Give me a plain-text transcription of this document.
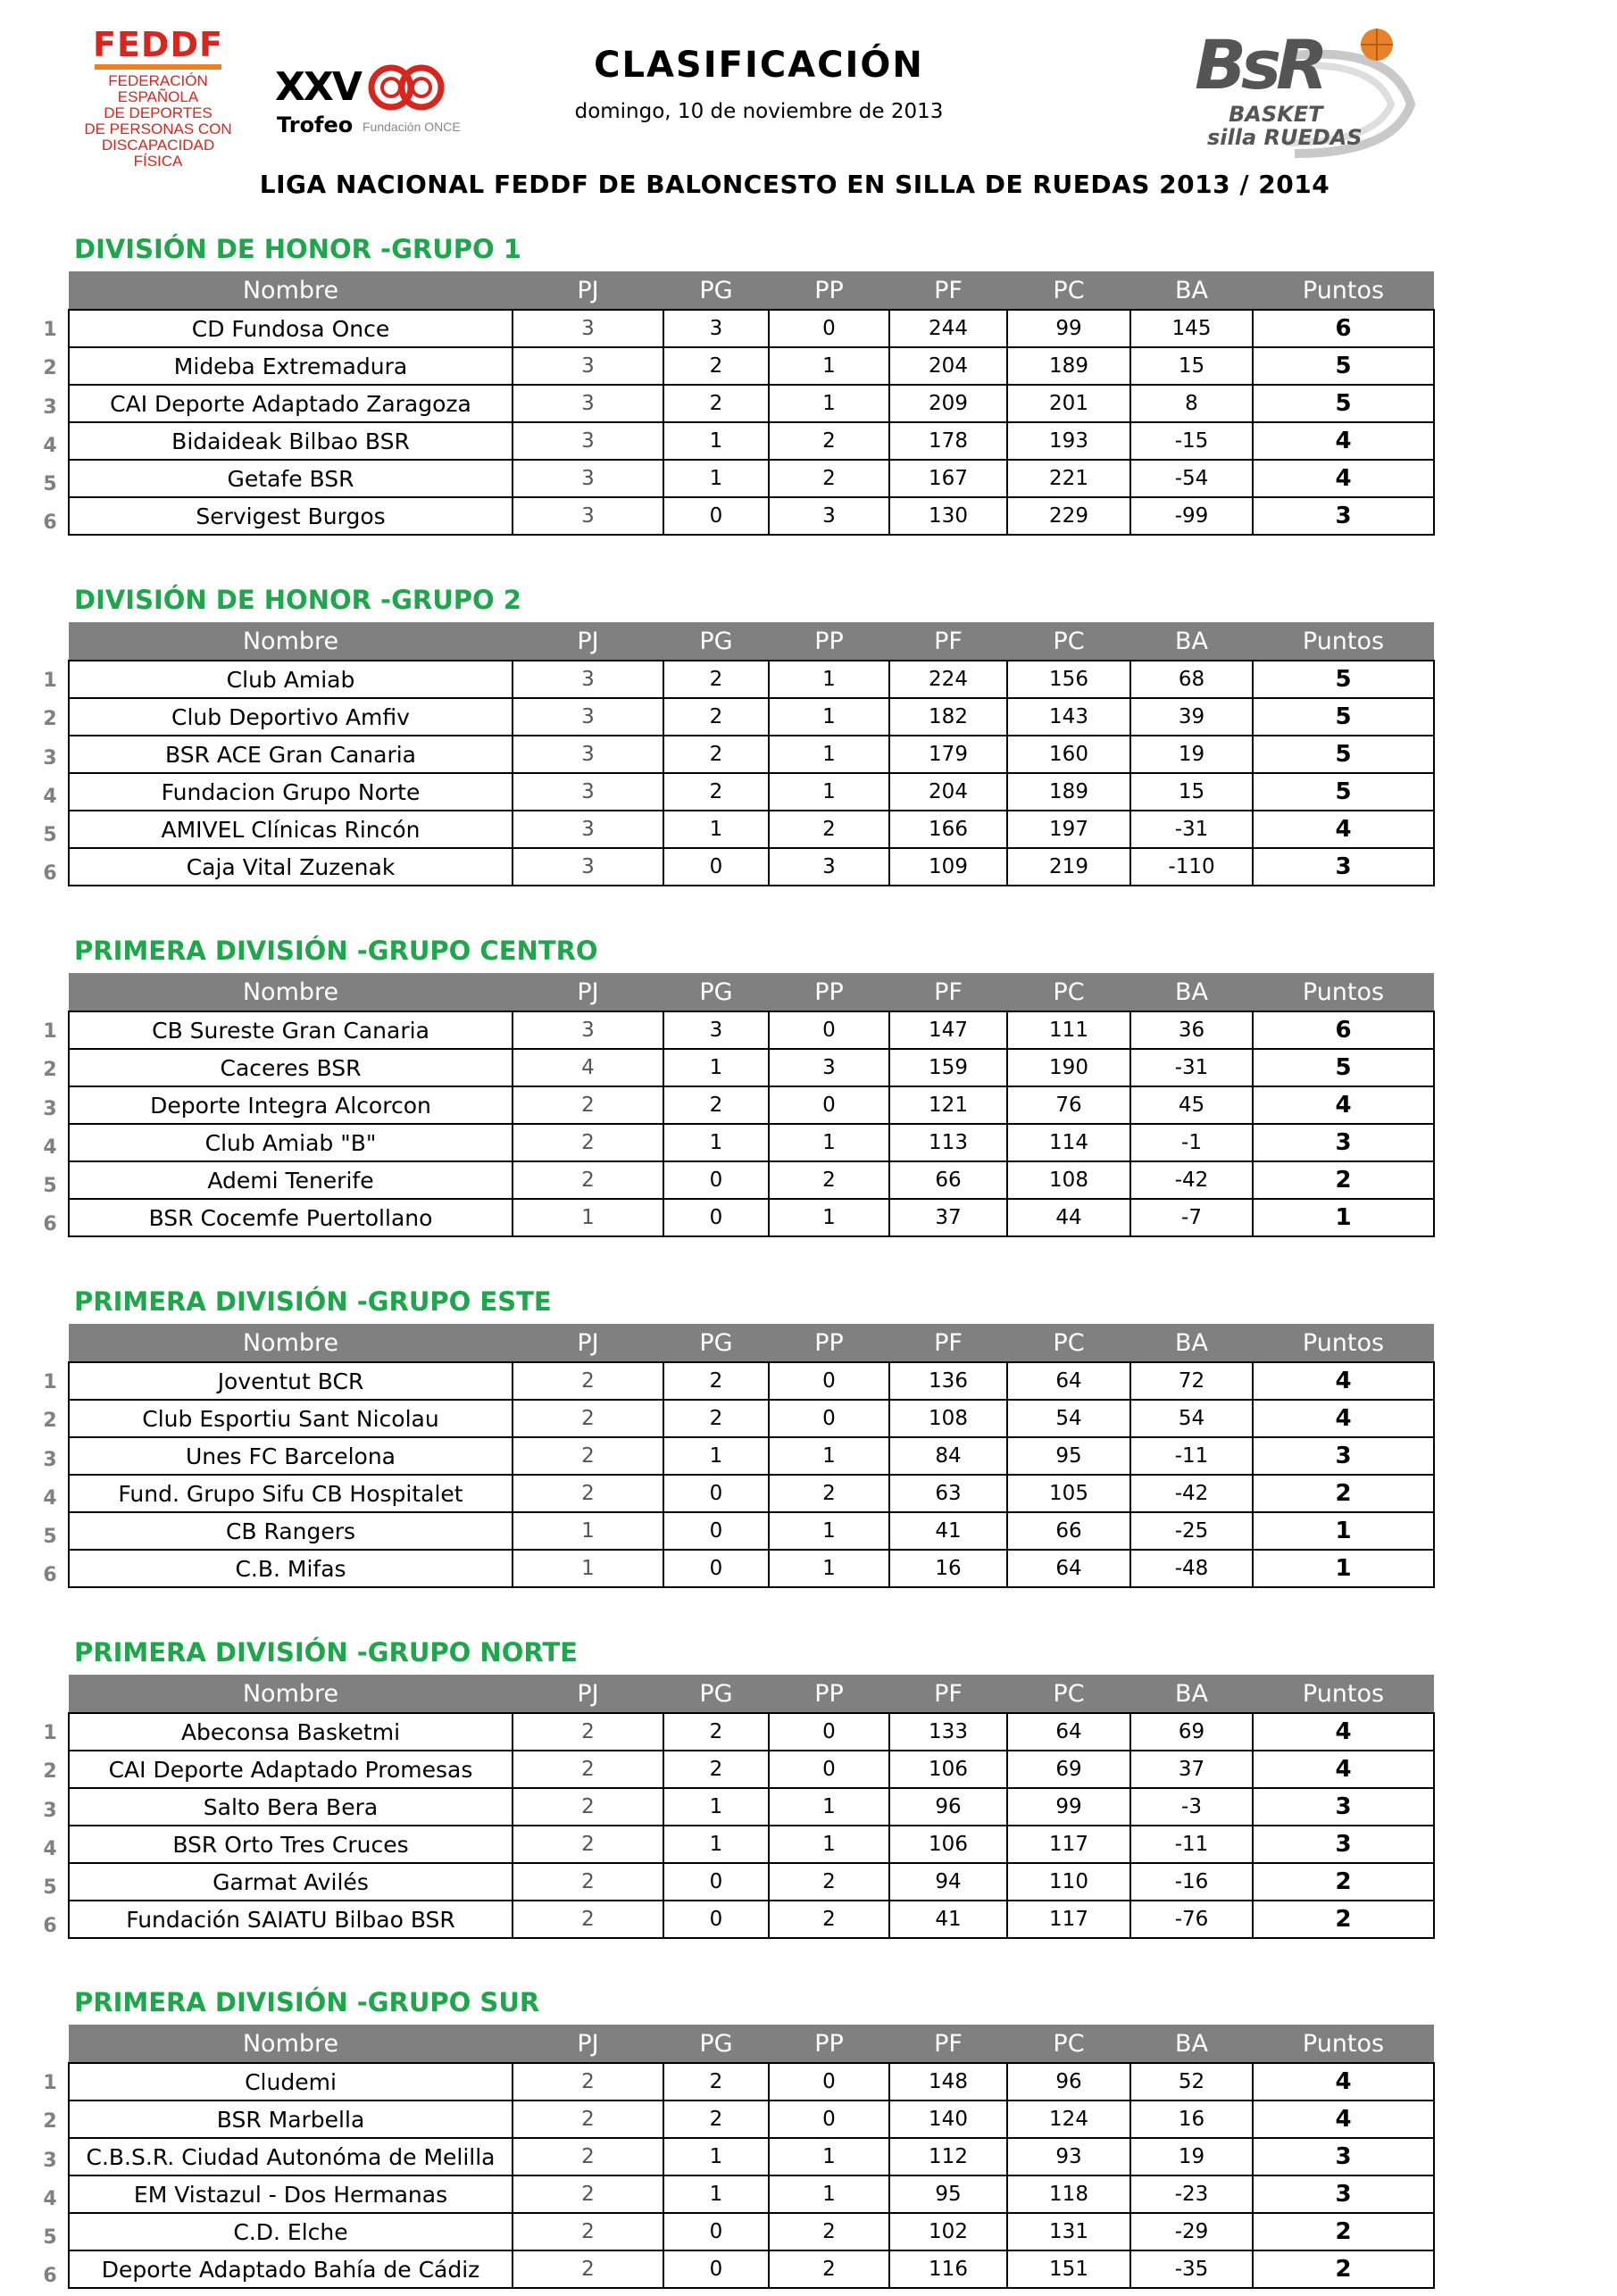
FEDDF
FEDERACIÓN
ESPAÑOLA
DE DEPORTES
DE PERSONAS CON
DISCAPACIDAD
FÍSICA
XXV
Trofeo Fundación ONCE
CLASIFICACIÓN
domingo, 10 de noviembre de 2013
BsR
BASKET
silla RUEDAS
LIGA NACIONAL FEDDF DE BALONCESTO EN SILLA DE RUEDAS 2013 / 2014
DIVISIÓN DE HONOR -GRUPO 1
1
2
3
4
5
6
Nombre	PJ	PG	PP	PF	PC	BA	Puntos
CD Fundosa Once	3	3	0	244	99	145	6
Mideba Extremadura	3	2	1	204	189	15	5
CAI Deporte Adaptado Zaragoza	3	2	1	209	201	8	5
Bidaideak Bilbao BSR	3	1	2	178	193	-15	4
Getafe BSR	3	1	2	167	221	-54	4
Servigest Burgos	3	0	3	130	229	-99	3
DIVISIÓN DE HONOR -GRUPO 2
1
2
3
4
5
6
Nombre	PJ	PG	PP	PF	PC	BA	Puntos
Club Amiab	3	2	1	224	156	68	5
Club Deportivo Amfiv	3	2	1	182	143	39	5
BSR ACE Gran Canaria	3	2	1	179	160	19	5
Fundacion Grupo Norte	3	2	1	204	189	15	5
AMIVEL Clínicas Rincón	3	1	2	166	197	-31	4
Caja Vital Zuzenak	3	0	3	109	219	-110	3
PRIMERA DIVISIÓN -GRUPO CENTRO
1
2
3
4
5
6
Nombre	PJ	PG	PP	PF	PC	BA	Puntos
CB Sureste Gran Canaria	3	3	0	147	111	36	6
Caceres BSR	4	1	3	159	190	-31	5
Deporte Integra Alcorcon	2	2	0	121	76	45	4
Club Amiab "B"	2	1	1	113	114	-1	3
Ademi Tenerife	2	0	2	66	108	-42	2
BSR Cocemfe Puertollano	1	0	1	37	44	-7	1
PRIMERA DIVISIÓN -GRUPO ESTE
1
2
3
4
5
6
Nombre	PJ	PG	PP	PF	PC	BA	Puntos
Joventut BCR	2	2	0	136	64	72	4
Club Esportiu Sant Nicolau	2	2	0	108	54	54	4
Unes FC Barcelona	2	1	1	84	95	-11	3
Fund. Grupo Sifu CB Hospitalet	2	0	2	63	105	-42	2
CB Rangers	1	0	1	41	66	-25	1
C.B. Mifas	1	0	1	16	64	-48	1
PRIMERA DIVISIÓN -GRUPO NORTE
1
2
3
4
5
6
Nombre	PJ	PG	PP	PF	PC	BA	Puntos
Abeconsa Basketmi	2	2	0	133	64	69	4
CAI Deporte Adaptado Promesas	2	2	0	106	69	37	4
Salto Bera Bera	2	1	1	96	99	-3	3
BSR Orto Tres Cruces	2	1	1	106	117	-11	3
Garmat Avilés	2	0	2	94	110	-16	2
Fundación SAIATU Bilbao BSR	2	0	2	41	117	-76	2
PRIMERA DIVISIÓN -GRUPO SUR
1
2
3
4
5
6
Nombre	PJ	PG	PP	PF	PC	BA	Puntos
Cludemi	2	2	0	148	96	52	4
BSR Marbella	2	2	0	140	124	16	4
C.B.S.R. Ciudad Autonóma de Melilla	2	1	1	112	93	19	3
EM Vistazul - Dos Hermanas	2	1	1	95	118	-23	3
C.D. Elche	2	0	2	102	131	-29	2
Deporte Adaptado Bahía de Cádiz	2	0	2	116	151	-35	2
